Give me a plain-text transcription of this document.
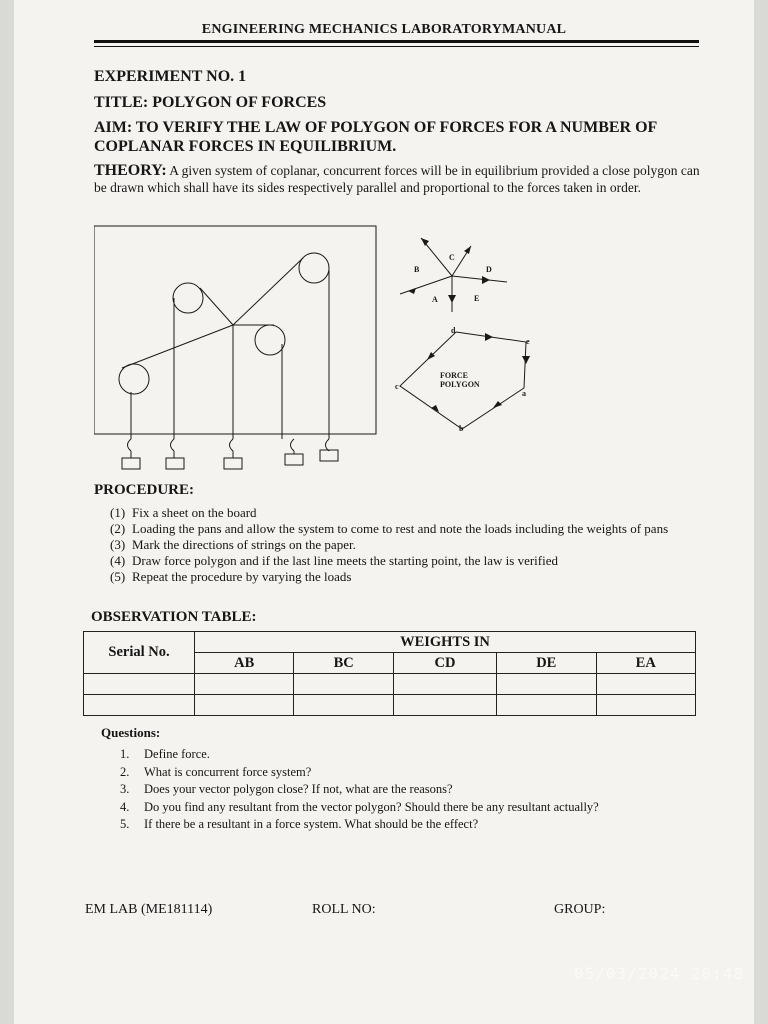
ENGINEERING MECHANICS LABORATORYMANUAL
EXPERIMENT NO. 1
TITLE: POLYGON OF FORCES
AIM: TO VERIFY THE LAW OF POLYGON OF FORCES FOR A NUMBER OF COPLANAR FORCES IN EQUILIBRIUM.
THEORY: A given system of coplanar, concurrent forces will be in equilibrium provided a close polygon can be drawn which shall have its sides respectively parallel and proportional to the forces taken in order.
C
B	D
A	E
FORCE
POLYGON
d
e
a
b
c
PROCEDURE:
(1) Fix a sheet on the board
(2) Loading the pans and allow the system to come to rest and note the loads including the weights of pans
(3) Mark the directions of strings on the paper.
(4) Draw force polygon and if the last line meets the starting point, the law is verified
(5) Repeat the procedure by varying the loads
OBSERVATION TABLE:
Serial No.	WEIGHTS IN				
	AB	BC	CD	DE	EA

Questions:
1.	Define force.
2.	What is concurrent force system?
3.	Does your vector polygon close? If not, what are the reasons?
4.	Do you find any resultant from the vector polygon? Should there be any resultant actually?
5.	If there be a resultant in a force system. What should be the effect?
EM LAB (ME181114)	ROLL NO:	GROUP:
05/03/2024 20:48
